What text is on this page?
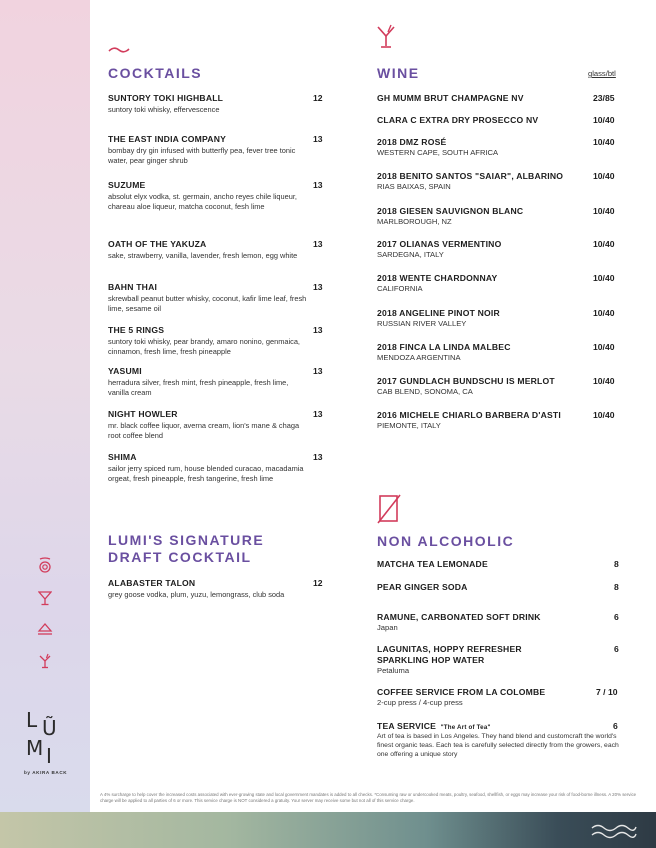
L Ũ
M I
by AKIRA BACK
COCKTAILS
SUNTORY TOKI HIGHBALL
suntory toki whisky, effervescence
12
THE EAST INDIA COMPANY
bombay dry gin infused with butterfly pea, fever tree tonic water, pear ginger shrub
13
SUZUME
absolut elyx vodka, st. germain, ancho reyes chile liqueur, chareau aloe liqueur, matcha coconut, fesh lime
13
OATH OF THE YAKUZA
sake, strawberry, vanilla, lavender, fresh lemon, egg white
13
BAHN THAI
skrewball peanut butter whisky, coconut, kafir lime leaf, fresh lime, sesame oil
13
THE 5 RINGS
suntory toki whisky, pear brandy, amaro nonino, genmaica, cinnamon, fresh lime, fresh pineapple
13
YASUMI
herradura silver, fresh mint, fresh pineapple, fresh lime, vanilla cream
13
NIGHT HOWLER
mr. black coffee liquor, averna cream, lion's mane & chaga root coffee blend
13
SHIMA
sailor jerry spiced rum, house blended curacao, macadamia orgeat, fresh pineapple, fresh tangerine, fresh lime
13
LUMI'S SIGNATURE
DRAFT COCKTAIL
ALABASTER TALON
grey goose vodka, plum, yuzu, lemongrass, club soda
12
WINE	glass/btl
GH MUMM BRUT CHAMPAGNE NV	23/85
CLARA C EXTRA DRY PROSECCO NV	10/40
2018 DMZ ROSÉ
WESTERN CAPE, SOUTH AFRICA
10/40
2018 BENITO SANTOS "SAIAR", ALBARINO
RIAS BAIXAS, SPAIN
10/40
2018 GIESEN SAUVIGNON BLANC
MARLBOROUGH, NZ
10/40
2017 OLIANAS VERMENTINO
SARDEGNA, ITALY
10/40
2018 WENTE CHARDONNAY
CALIFORNIA
10/40
2018 ANGELINE PINOT NOIR
RUSSIAN RIVER VALLEY
10/40
2018 FINCA LA LINDA MALBEC
MENDOZA ARGENTINA
10/40
2017 GUNDLACH BUNDSCHU IS MERLOT
CAB BLEND, SONOMA, CA
10/40
2016 MICHELE CHIARLO BARBERA D'ASTI
PIEMONTE, ITALY
10/40
NON ALCOHOLIC
MATCHA TEA LEMONADE	8
PEAR GINGER SODA	8
RAMUNE, CARBONATED SOFT DRINK
Japan
6
LAGUNITAS, HOPPY REFRESHER
SPARKLING HOP WATER
Petaluma
6
COFFEE SERVICE FROM LA COLOMBE
2-cup press / 4-cup press
7 / 10
TEA SERVICE "The Art of Tea"
Art of tea is based in Los Angeles. They hand blend and customcraft the world's finest organic teas. Each tea is carefully selected directly from the growers, each one offering a unique story
6
A 4% surcharge to help cover the increased costs associated with ever-growing state and local government mandates is added to all checks. *Consuming raw or undercooked meats, poultry, seafood, shellfish, or eggs may increase your risk of food-borne illness. A 20% service charge will be applied to all parties of 6 or more. This service charge is NOT considered a gratuity. Your server may receive some but not all of this service charge.
